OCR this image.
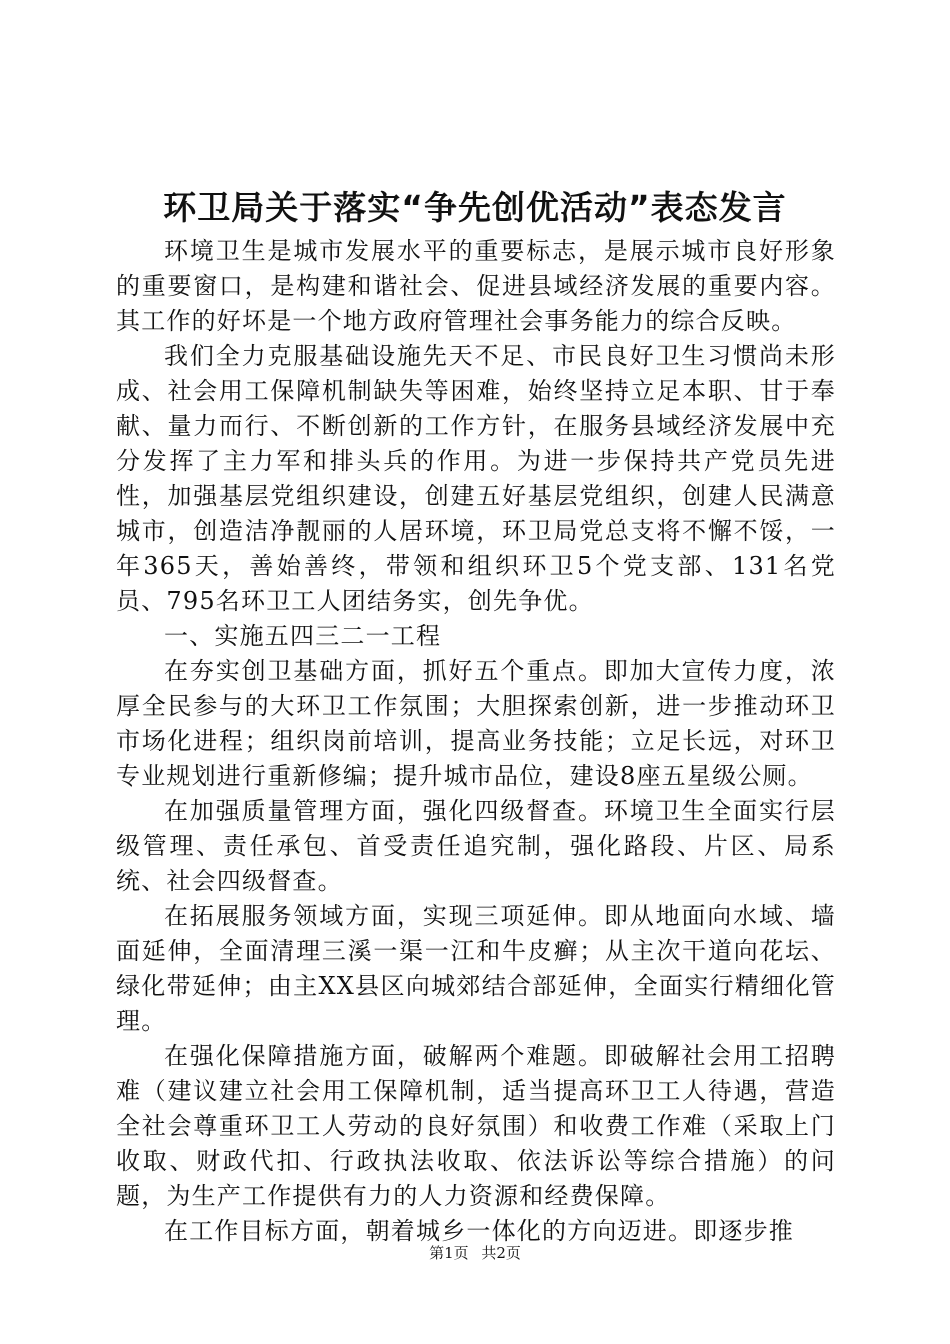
环卫局关于落实“争先创优活动”表态发言

环境卫生是城市发展水平的重要标志，是展示城市良好形象的重要窗口，是构建和谐社会、促进县域经济发展的重要内容。其工作的好坏是一个地方政府管理社会事务能力的综合反映。

我们全力克服基础设施先天不足、市民良好卫生习惯尚未形成、社会用工保障机制缺失等困难，始终坚持立足本职、甘于奉献、量力而行、不断创新的工作方针，在服务县域经济发展中充分发挥了主力军和排头兵的作用。为进一步保持共产党员先进性，加强基层党组织建设，创建五好基层党组织，创建人民满意城市，创造洁净靓丽的人居环境，环卫局党总支将不懈不馁，一年365天，善始善终，带领和组织环卫5个党支部、131名党员、795名环卫工人团结务实，创先争优。

一、实施五四三二一工程

在夯实创卫基础方面，抓好五个重点。即加大宣传力度，浓厚全民参与的大环卫工作氛围；大胆探索创新，进一步推动环卫市场化进程；组织岗前培训，提高业务技能；立足长远，对环卫专业规划进行重新修编；提升城市品位，建设8座五星级公厕。

在加强质量管理方面，强化四级督查。环境卫生全面实行层级管理、责任承包、首受责任追究制，强化路段、片区、局系统、社会四级督查。

在拓展服务领域方面，实现三项延伸。即从地面向水域、墙面延伸，全面清理三溪一渠一江和牛皮癣；从主次干道向花坛、绿化带延伸；由主XX县区向城郊结合部延伸，全面实行精细化管理。

在强化保障措施方面，破解两个难题。即破解社会用工招聘难（建议建立社会用工保障机制，适当提高环卫工人待遇，营造全社会尊重环卫工人劳动的良好氛围）和收费工作难（采取上门收取、财政代扣、行政执法收取、依法诉讼等综合措施）的问题，为生产工作提供有力的人力资源和经费保障。

在工作目标方面，朝着城乡一体化的方向迈进。即逐步推

第1页 共2页
